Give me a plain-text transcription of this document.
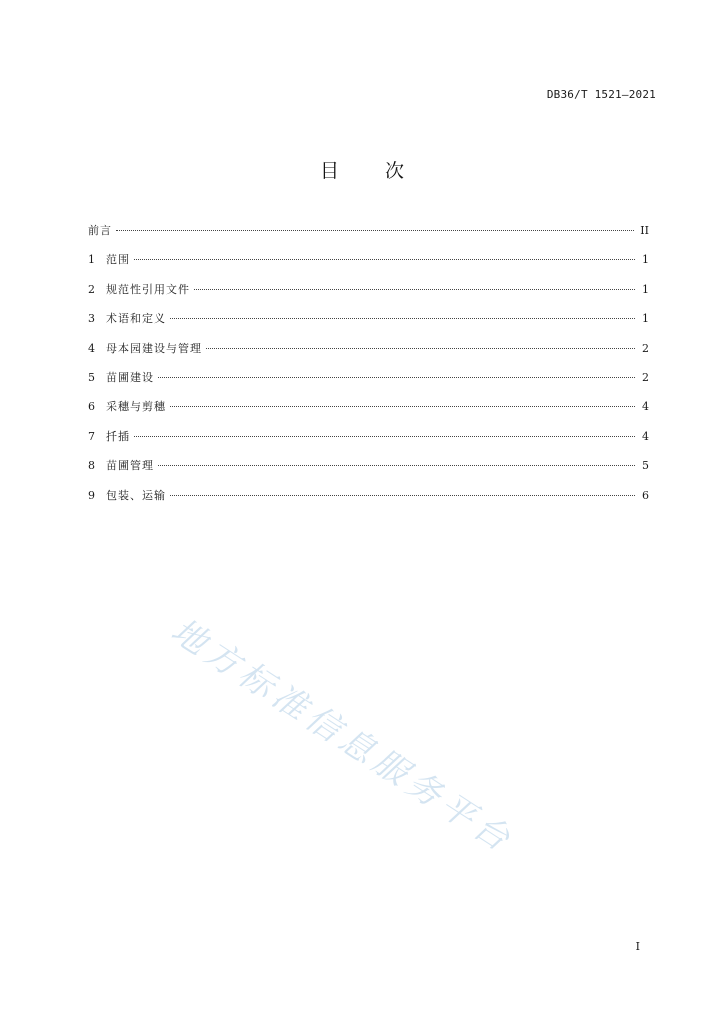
DB36/T 1521—2021
目 次
前言	II
1	范围	1
2	规范性引用文件	1
3	术语和定义	1
4	母本园建设与管理	2
5	苗圃建设	2
6	采穗与剪穗	4
7	扦插	4
8	苗圃管理	5
9	包装、运输	6
地方标准信息服务平台
I
